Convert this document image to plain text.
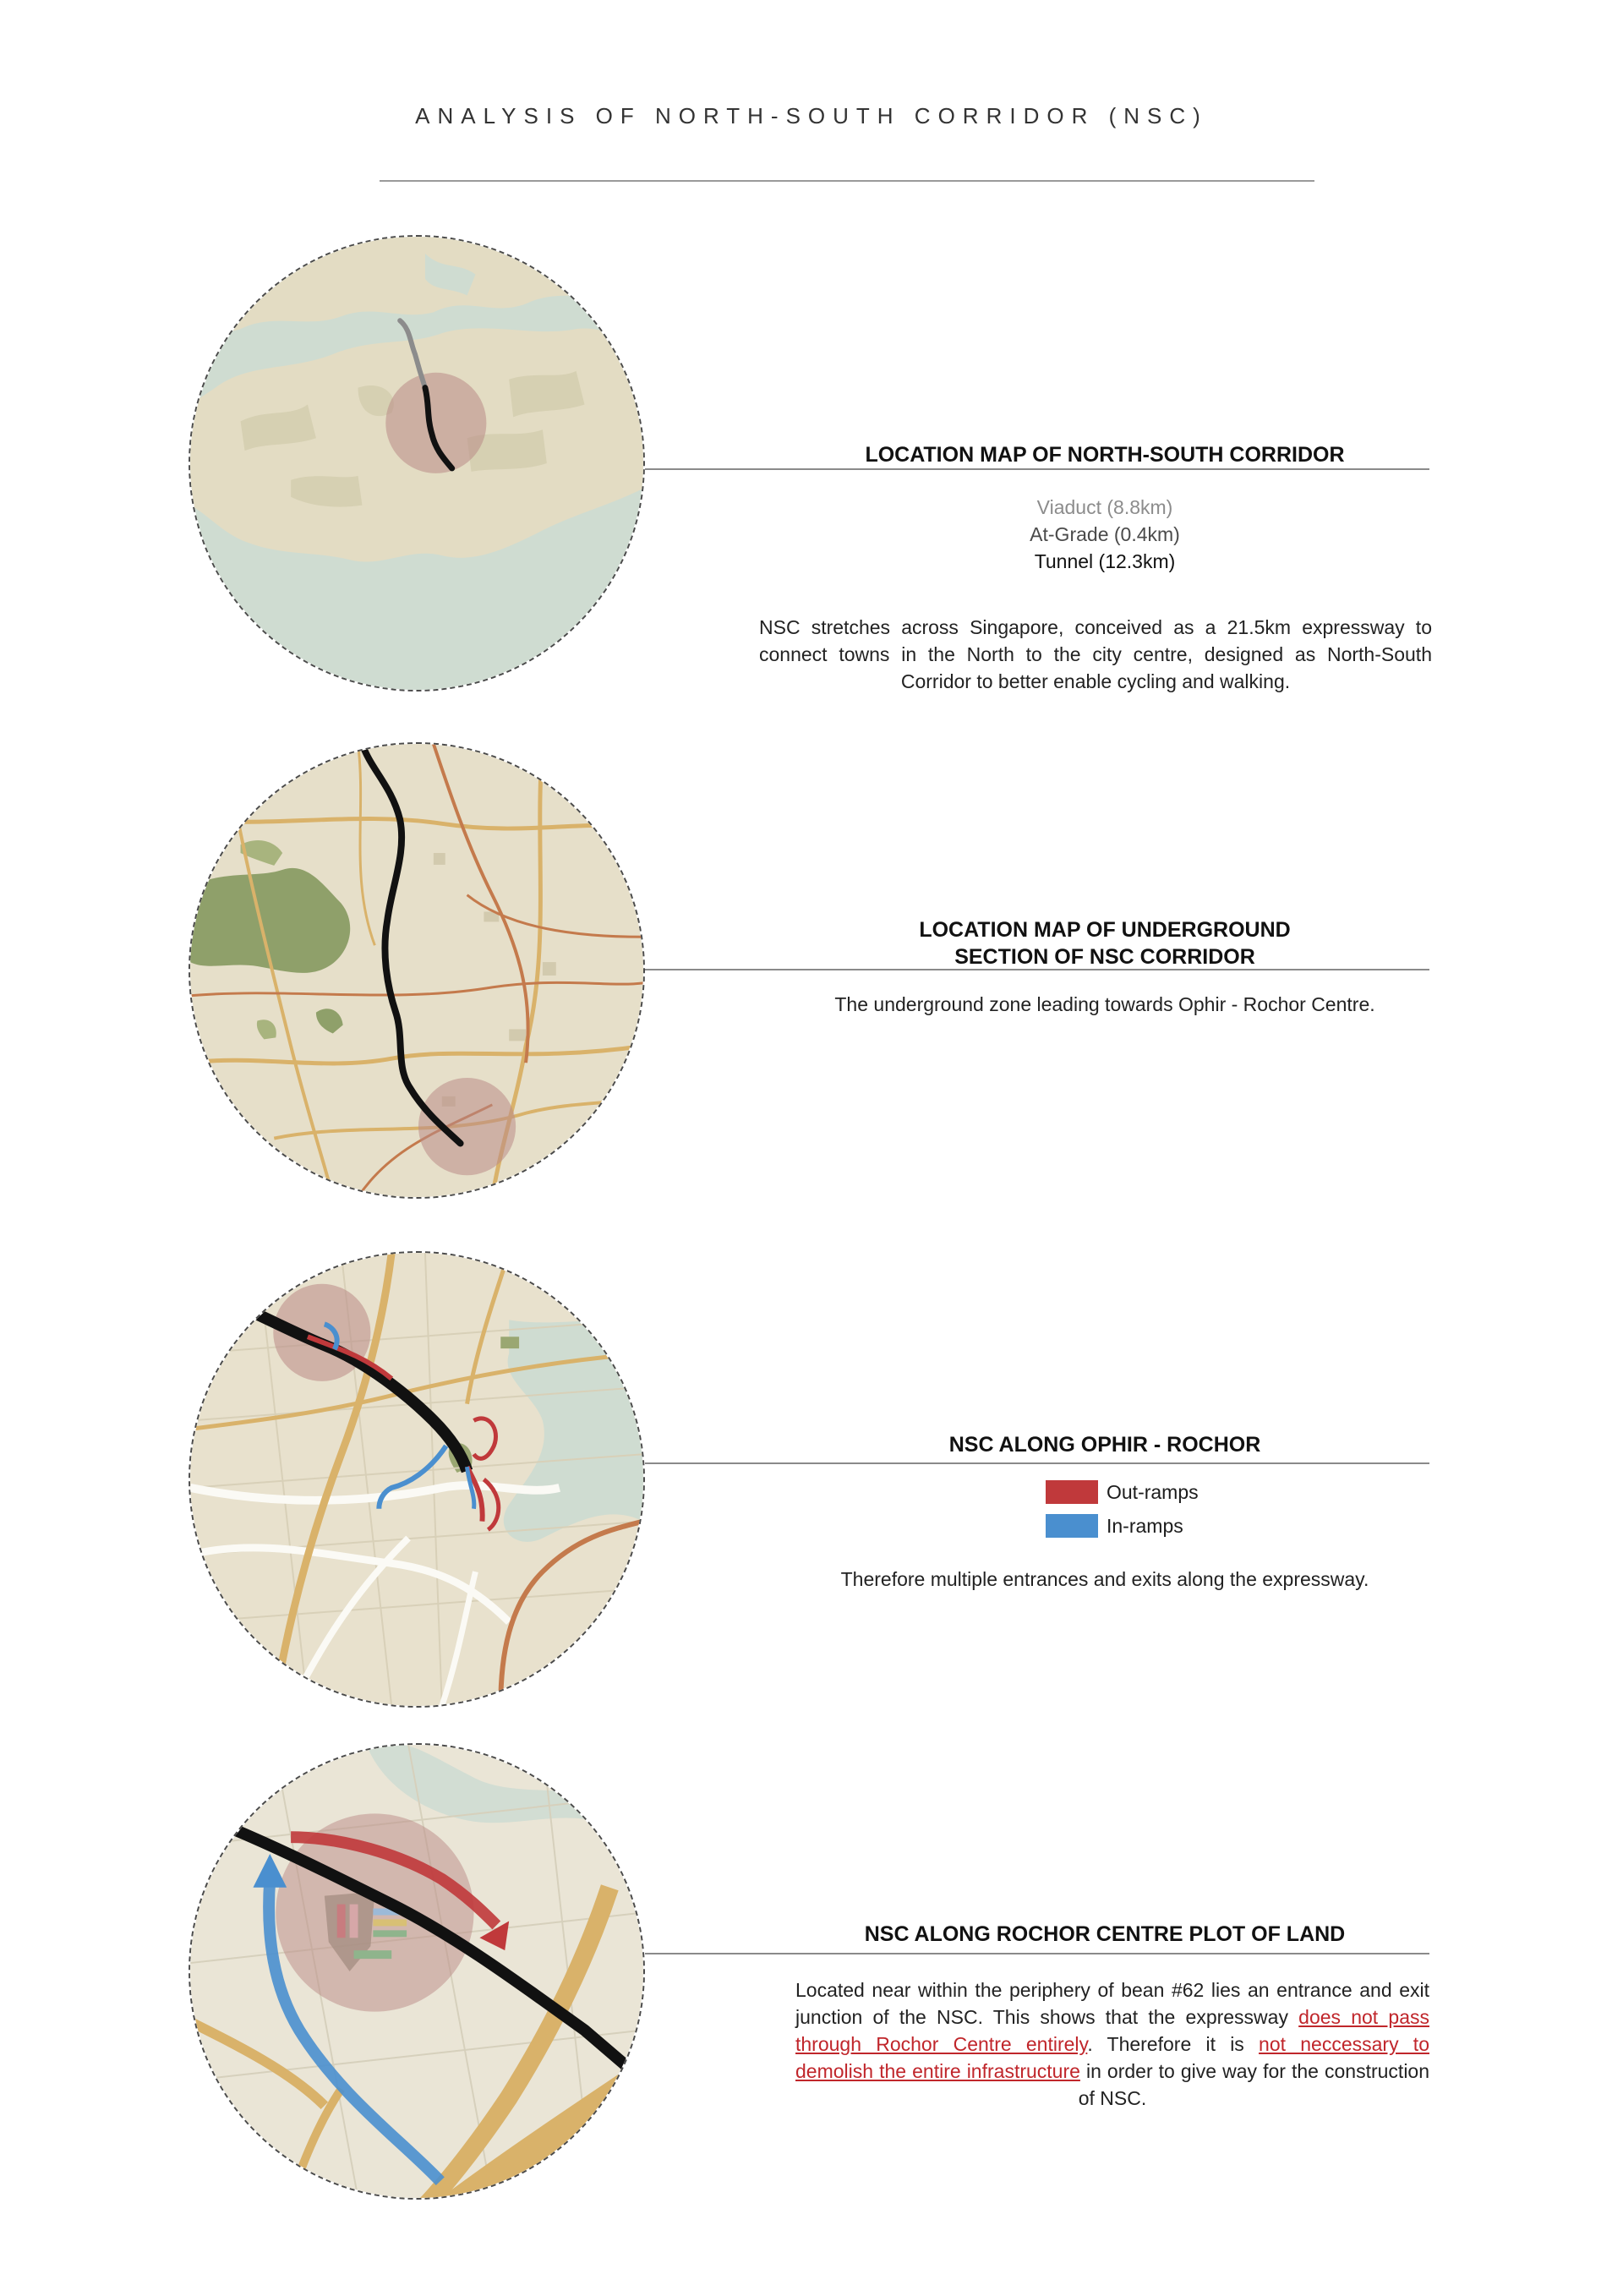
ANALYSIS OF NORTH-SOUTH CORRIDOR (NSC)
LOCATION MAP OF NORTH-SOUTH CORRIDOR
Viaduct (8.8km)
At-Grade (0.4km)
Tunnel (12.3km)
NSC stretches across Singapore, conceived as a 21.5km expressway to connect towns in the North to the city centre, designed as North-South Corridor to better enable cycling and walking.
LOCATION MAP OF UNDERGROUND
SECTION OF NSC CORRIDOR
The underground zone leading towards Ophir - Rochor Centre.
NSC ALONG OPHIR - ROCHOR
Out-ramps
In-ramps
Therefore multiple entrances and exits along the expressway.
NSC ALONG ROCHOR CENTRE PLOT OF LAND
Located near within the periphery of bean #62 lies an entrance and exit junction of the NSC. This shows that the expressway does not pass through Rochor Centre entirely. Therefore it is not neccessary to demolish the entire infrastructure in order to give way for the construction of NSC.
